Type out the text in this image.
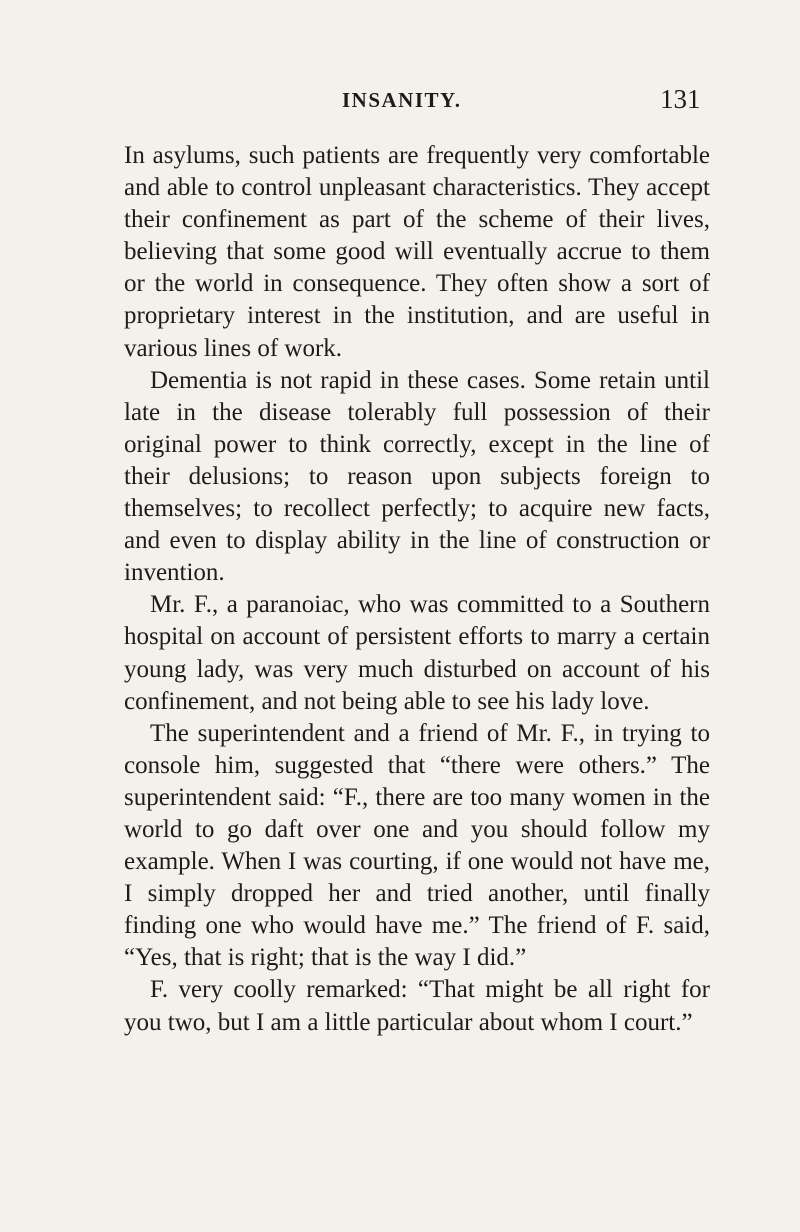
INSANITY.	131

In asylums, such patients are frequently very comfortable and able to control unpleasant characteristics. They accept their confinement as part of the scheme of their lives, believing that some good will eventually accrue to them or the world in consequence. They often show a sort of proprietary interest in the institution, and are useful in various lines of work.

Dementia is not rapid in these cases. Some retain until late in the disease tolerably full possession of their original power to think correctly, except in the line of their delusions; to reason upon subjects foreign to themselves; to recollect perfectly; to acquire new facts, and even to display ability in the line of construction or invention.

Mr. F., a paranoiac, who was committed to a Southern hospital on account of persistent efforts to marry a certain young lady, was very much disturbed on account of his confinement, and not being able to see his lady love.

The superintendent and a friend of Mr. F., in trying to console him, suggested that “there were others.” The superintendent said: “F., there are too many women in the world to go daft over one and you should follow my example. When I was courting, if one would not have me, I simply dropped her and tried another, until finally finding one who would have me.” The friend of F. said, “Yes, that is right; that is the way I did.”

F. very coolly remarked: “That might be all right for you two, but I am a little particular about whom I court.”
